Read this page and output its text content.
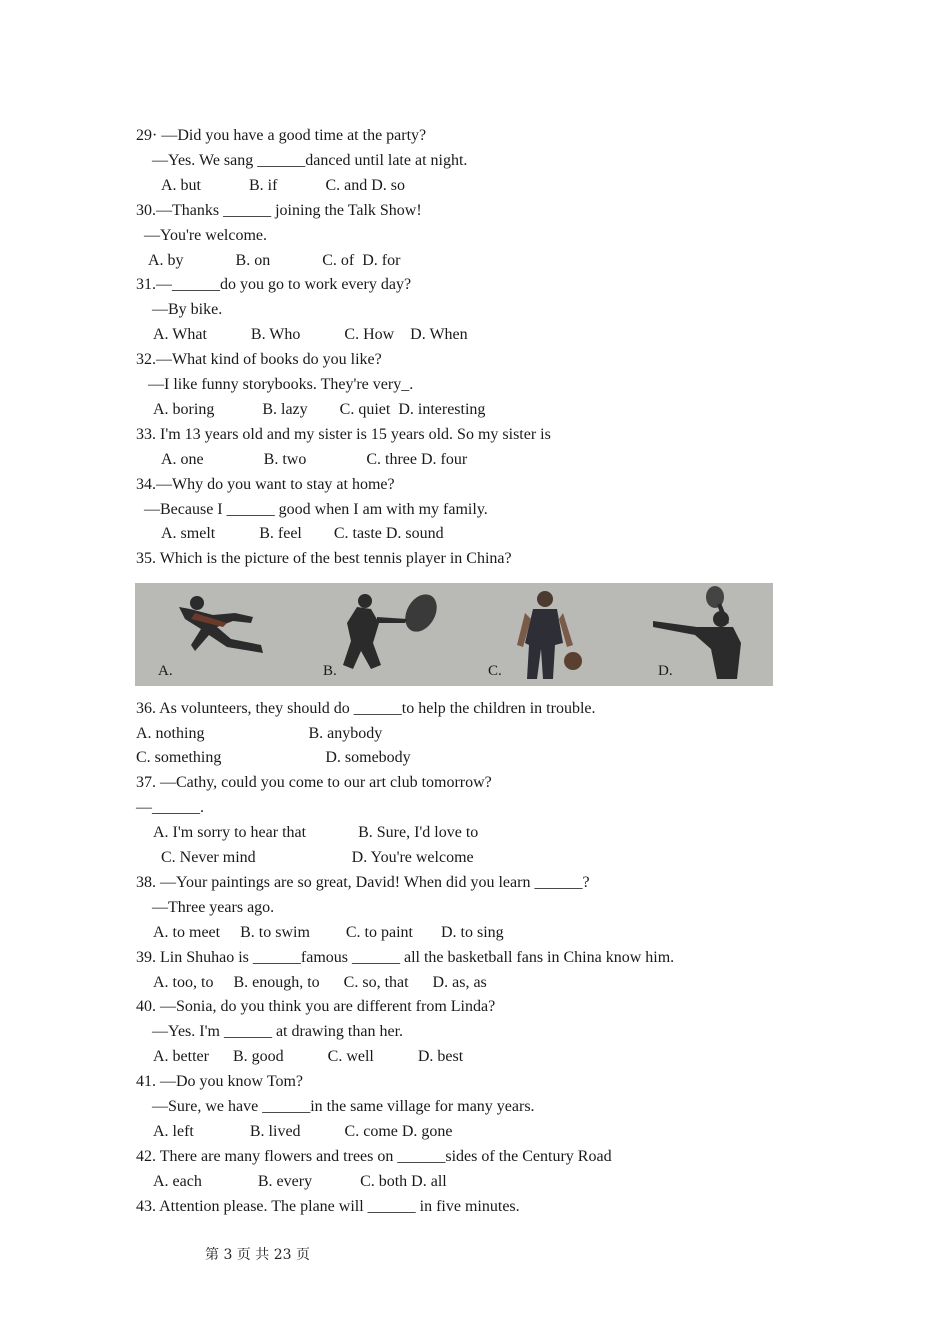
29· —Did you have a good time at the party?
—Yes. We sang ______danced until late at night.
A. but            B. if            C. and D. so
30.—Thanks ______ joining the Talk Show!
—You're welcome.
A. by             B. on             C. of  D. for
31.—______do you go to work every day?
—By bike.
A. What           B. Who           C. How    D. When
32.—What kind of books do you like?
—I like funny storybooks. They're very_.
A. boring            B. lazy        C. quiet  D. interesting
33. I'm 13 years old and my sister is 15 years old. So my sister is
A. one               B. two               C. three D. four
34.—Why do you want to stay at home?
—Because I ______ good when I am with my family.
A. smelt           B. feel        C. taste D. sound
35. Which is the picture of the best tennis player in China?
A.	B.	C.	D.
36. As volunteers, they should do ______to help the children in trouble.
A. nothing                          B. anybody
C. something                          D. somebody
37. —Cathy, could you come to our art club tomorrow?
—______.
A. I'm sorry to hear that             B. Sure, I'd love to
C. Never mind                        D. You're welcome
38. —Your paintings are so great, David! When did you learn ______?
—Three years ago.
A. to meet     B. to swim         C. to paint       D. to sing
39. Lin Shuhao is ______famous ______ all the basketball fans in China know him.
A. too, to     B. enough, to      C. so, that      D. as, as
40. —Sonia, do you think you are different from Linda?
—Yes. I'm ______ at drawing than her.
A. better      B. good           C. well           D. best
41. —Do you know Tom?
—Sure, we have ______in the same village for many years.
A. left              B. lived           C. come D. gone
42. There are many flowers and trees on ______sides of the Century Road
A. each              B. every            C. both D. all
43. Attention please. The plane will ______ in five minutes.
第 3 页 共 23 页
